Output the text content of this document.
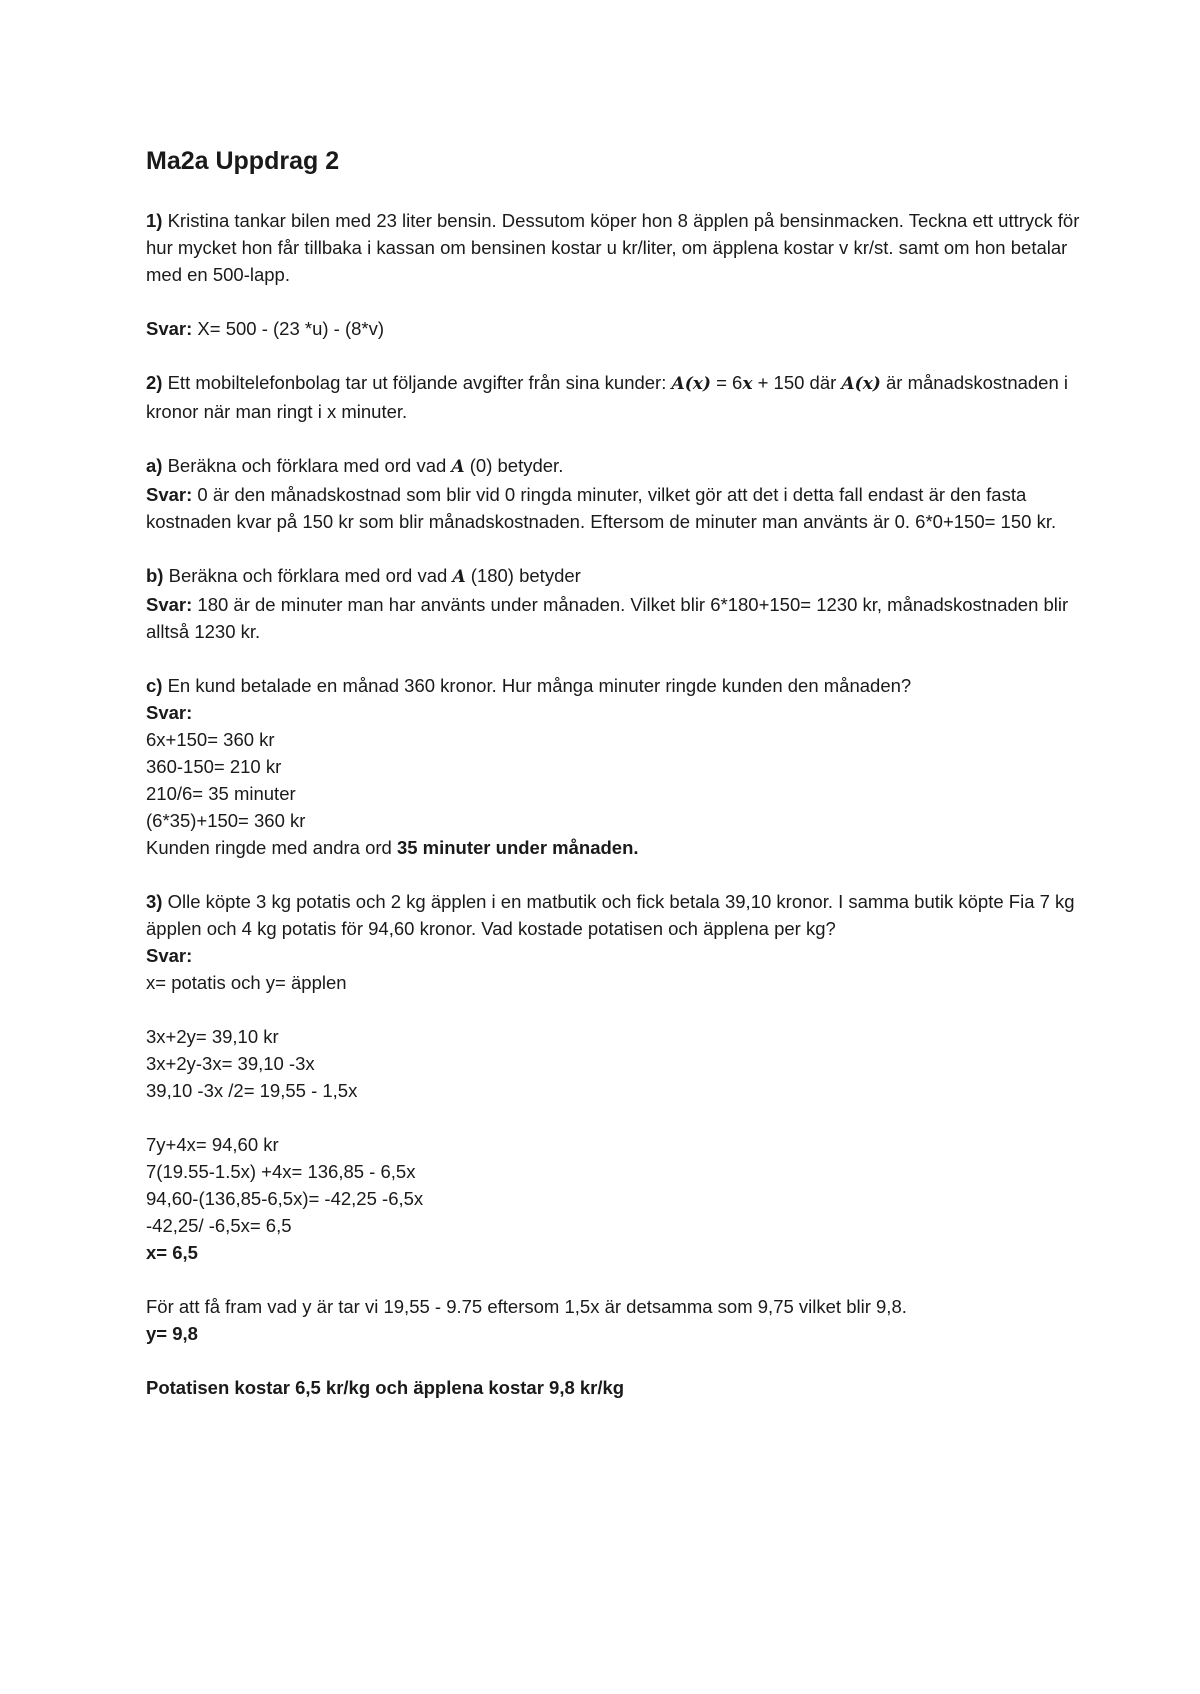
Ma2a Uppdrag 2

1) Kristina tankar bilen med 23 liter bensin. Dessutom köper hon 8 äpplen på bensinmacken. Teckna ett uttryck för hur mycket hon får tillbaka i kassan om bensinen kostar u kr/liter, om äpplena kostar v kr/st. samt om hon betalar med en 500-lapp.

Svar: X= 500 - (23 *u) - (8*v)

2) Ett mobiltelefonbolag tar ut följande avgifter från sina kunder: A(x) = 6x + 150 där A(x) är månadskostnaden i kronor när man ringt i x minuter.

a) Beräkna och förklara med ord vad A (0) betyder.

Svar: 0 är den månadskostnad som blir vid 0 ringda minuter, vilket gör att det i detta fall endast är den fasta kostnaden kvar på 150 kr som blir månadskostnaden. Eftersom de minuter man använts är 0. 6*0+150= 150 kr.

b) Beräkna och förklara med ord vad A (180) betyder

Svar: 180 är de minuter man har använts under månaden. Vilket blir 6*180+150= 1230 kr, månadskostnaden blir alltså 1230 kr.

c) En kund betalade en månad 360 kronor. Hur många minuter ringde kunden den månaden?

Svar:

6x+150= 360 kr

360-150= 210 kr

210/6= 35 minuter

(6*35)+150= 360 kr

Kunden ringde med andra ord 35 minuter under månaden.

3) Olle köpte 3 kg potatis och 2 kg äpplen i en matbutik och fick betala 39,10 kronor. I samma butik köpte Fia 7 kg äpplen och 4 kg potatis för 94,60 kronor. Vad kostade potatisen och äpplena per kg?

Svar:

x= potatis och y= äpplen

3x+2y= 39,10 kr

3x+2y-3x= 39,10 -3x

39,10 -3x /2= 19,55 - 1,5x

7y+4x= 94,60 kr

7(19.55-1.5x) +4x= 136,85 - 6,5x

94,60-(136,85-6,5x)= -42,25 -6,5x

-42,25/ -6,5x= 6,5

x= 6,5

För att få fram vad y är tar vi 19,55 - 9.75 eftersom 1,5x är detsamma som 9,75 vilket blir 9,8.

y= 9,8

Potatisen kostar 6,5 kr/kg och äpplena kostar 9,8 kr/kg
